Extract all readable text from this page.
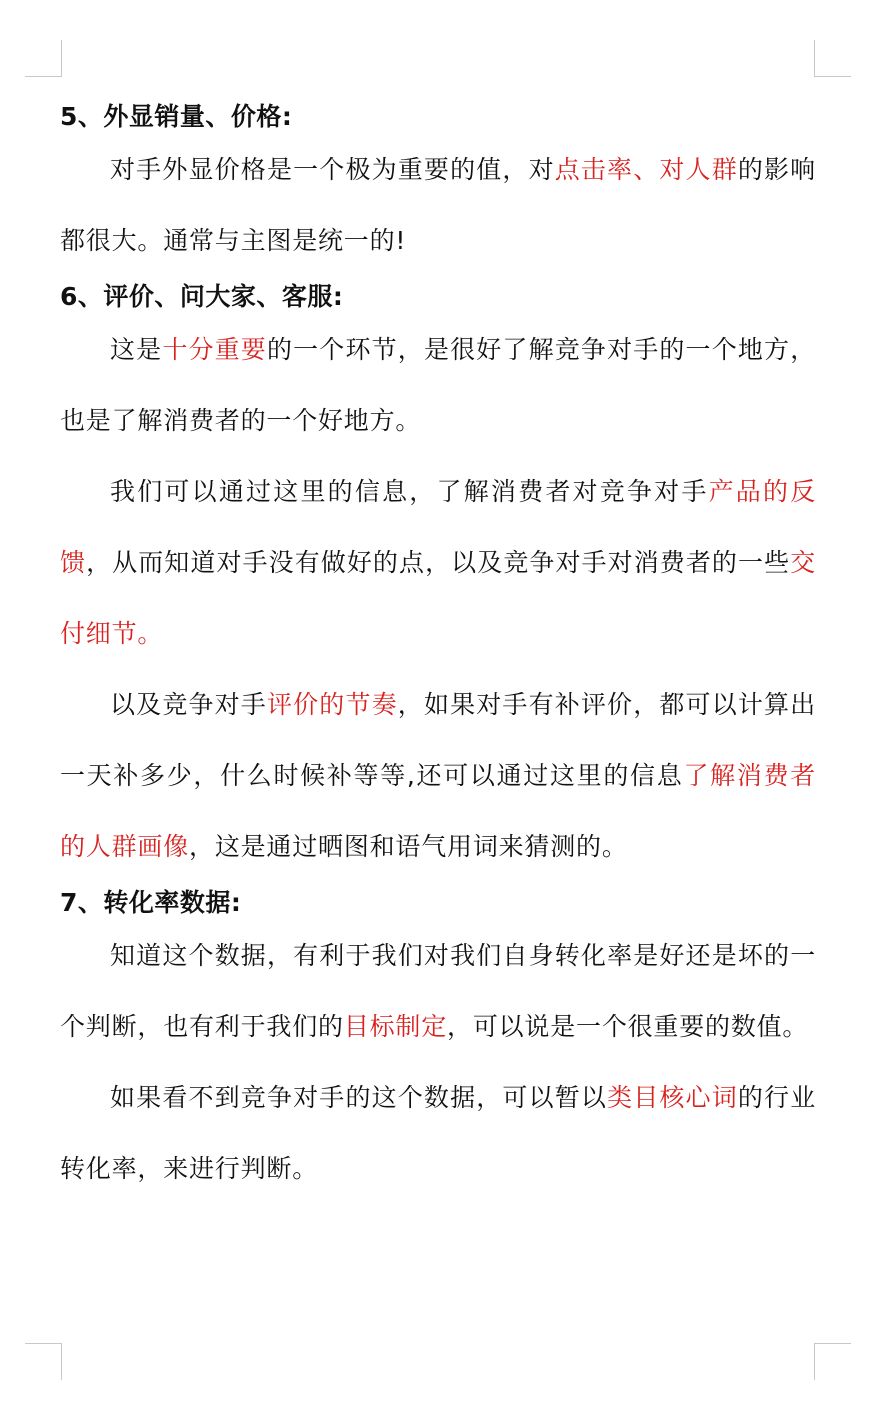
5、外显销量、价格:

对手外显价格是一个极为重要的值，对点击率、对人群的影响都很大。通常与主图是统一的!

6、评价、问大家、客服:

这是十分重要的一个环节，是很好了解竞争对手的一个地方，也是了解消费者的一个好地方。

我们可以通过这里的信息，了解消费者对竞争对手产品的反馈，从而知道对手没有做好的点，以及竞争对手对消费者的一些交付细节。

以及竞争对手评价的节奏，如果对手有补评价，都可以计算出一天补多少，什么时候补等等,还可以通过这里的信息了解消费者的人群画像，这是通过晒图和语气用词来猜测的。

7、转化率数据:

知道这个数据，有利于我们对我们自身转化率是好还是坏的一个判断，也有利于我们的目标制定，可以说是一个很重要的数值。

如果看不到竞争对手的这个数据，可以暂以类目核心词的行业转化率，来进行判断。
